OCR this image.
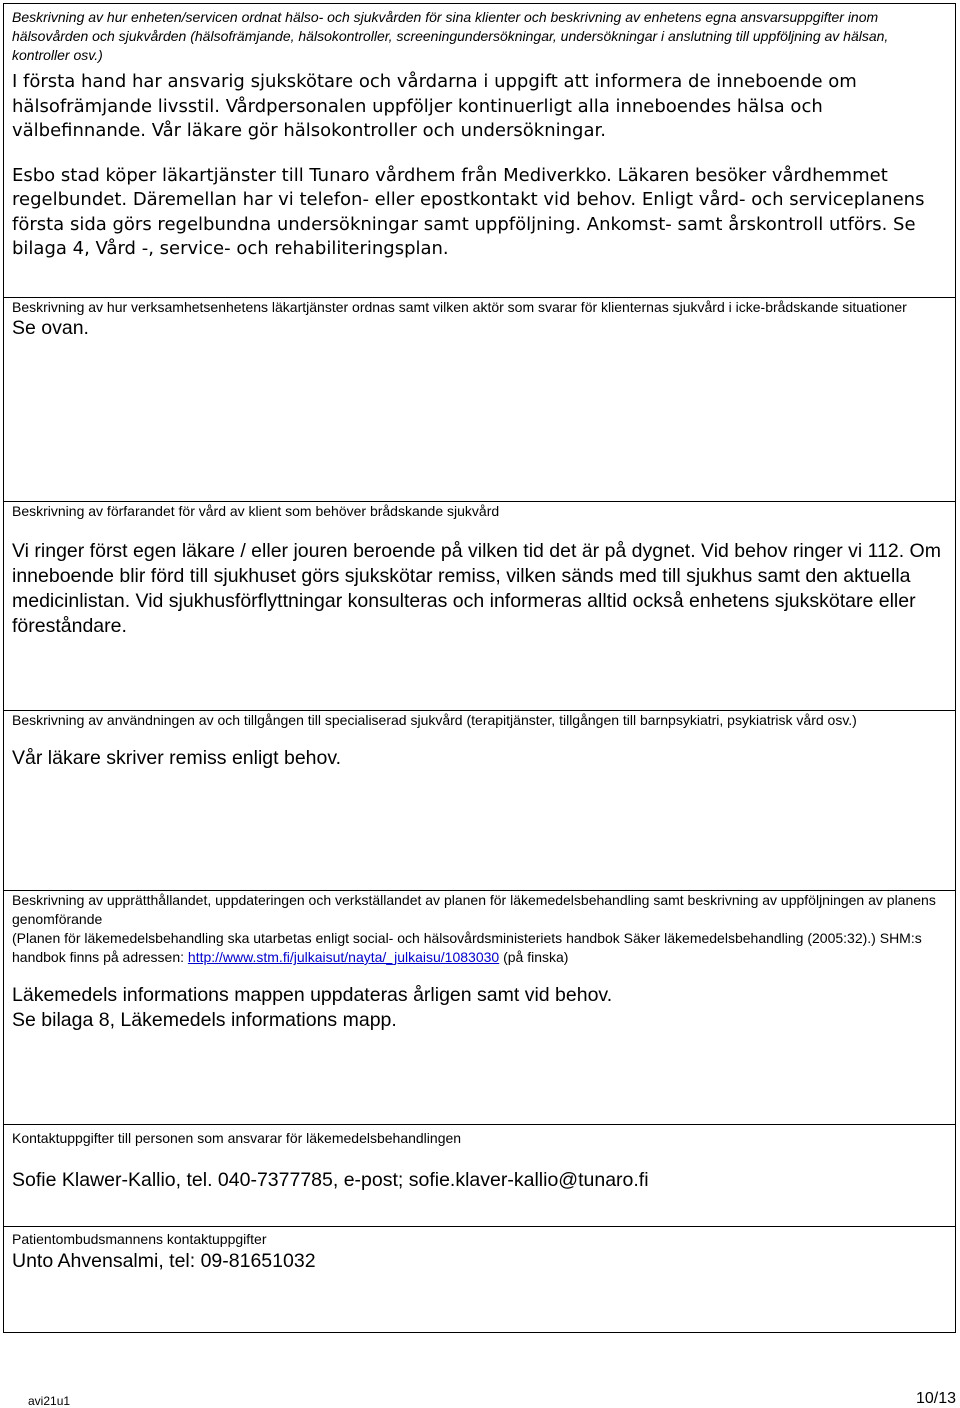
Beskrivning av hur enheten/servicen ordnat hälso- och sjukvården för sina klienter och beskrivning av enhetens egna ansvarsuppgifter inom hälsovården och sjukvården (hälsofrämjande, hälsokontroller, screeningundersökningar, undersökningar i anslutning till uppföljning av hälsan, kontroller osv.)

I första hand har ansvarig sjukskötare och vårdarna i uppgift att informera de inneboende om hälsofrämjande livsstil. Vårdpersonalen uppföljer kontinuerligt alla inneboendes hälsa och välbefinnande. Vår läkare gör hälsokontroller och undersökningar.

Esbo stad köper läkartjänster till Tunaro vårdhem från Mediverkko. Läkaren besöker vårdhemmet regelbundet. Däremellan har vi telefon- eller epostkontakt vid behov. Enligt vård- och serviceplanens första sida görs regelbundna undersökningar samt uppföljning. Ankomst- samt årskontroll utförs. Se bilaga 4, Vård -, service- och rehabiliteringsplan.

Beskrivning av hur verksamhetsenhetens läkartjänster ordnas samt vilken aktör som svarar för klienternas sjukvård i icke-brådskande situationer

Se ovan.

Beskrivning av förfarandet för vård av klient som behöver brådskande sjukvård

Vi ringer först egen läkare / eller jouren beroende på vilken tid det är på dygnet. Vid behov ringer vi 112. Om inneboende blir förd till sjukhuset görs sjukskötar remiss, vilken sänds med till sjukhus samt den aktuella medicinlistan. Vid sjukhusförflyttningar konsulteras och informeras alltid också enhetens sjukskötare eller föreståndare.

Beskrivning av användningen av och tillgången till specialiserad sjukvård (terapitjänster, tillgången till barnpsykiatri, psykiatrisk vård osv.)

Vår läkare skriver remiss enligt behov.

Beskrivning av upprätthållandet, uppdateringen och verkställandet av planen för läkemedelsbehandling samt beskrivning av uppföljningen av planens genomförande

(Planen för läkemedelsbehandling ska utarbetas enligt social- och hälsovårdsministeriets handbok Säker läkemedelsbehandling (2005:32).) SHM:s handbok finns på adressen: http://www.stm.fi/julkaisut/nayta/_julkaisu/1083030 (på finska)

Läkemedels informations mappen uppdateras årligen samt vid behov.

Se bilaga 8, Läkemedels informations mapp.

Kontaktuppgifter till personen som ansvarar för läkemedelsbehandlingen

Sofie Klawer-Kallio, tel. 040-7377785, e-post; sofie.klaver-kallio@tunaro.fi

Patientombudsmannens kontaktuppgifter

Unto Ahvensalmi, tel: 09-81651032

avi21u1	10/13
